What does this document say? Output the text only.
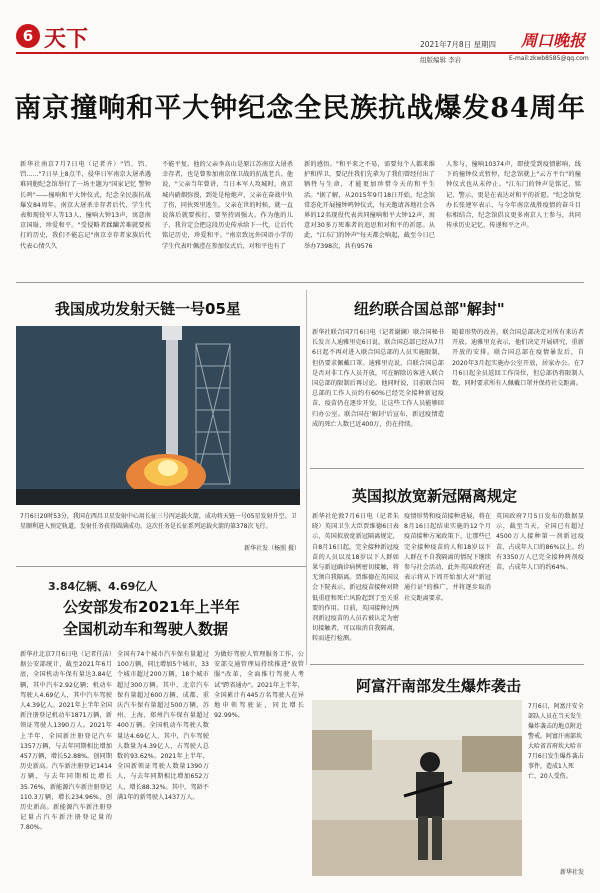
6 天下	2021年7月8日 星期四
组版编辑 李岩
周口晚报
E-mail:zkwb8585@qq.com
南京撞响和平大钟纪念全民族抗战爆发84周年
新华社南京7月7日电（记者齐）"铛、铛、铛……"7日早上8点半，侵华日军南京大屠杀遇难同胞纪念馆举行了一场主题为"国家记忆 警钟长鸣"——撞响和平大钟仪式，纪念全民族抗战爆发84周年。南京大屠杀幸存者后代、学生代表和现役军人等13人，撞响大钟13声，寓意南京国耻、珍爱和平。"受侵略者蹂躏苦难就要挨打的历史，我们不能忘记"南京幸存者家族后代代表心情久久
不能平复。他的父亲李高山是原江苏南京大屠杀幸存者，也是曾参加南京保卫战的抗战老兵。他说，"父亲当年曾讲，当日本军人攻城时，南京城内硝烟弥漫，到处是枪炮声，父亲在奋战中负了伤，同伙死里逃生。父亲在世的时候，就一直说落后就要挨打，要坚持固强大。作为他的儿子，我肯定会把这段历史传承给下一代，让后代铭记历史，珍爱和平。"南京致远外国语小学的学生代表叶佩滢在参加仪式后，对和平也有了
新的感悟。"和平来之不易，需要每个人都来维护和捍卫，要记住我们先辈为了我们曾经付出了牺牲与生命，才能更加珍惜今天的和平生活。"据了解，从2015年9月18日开始，纪念馆常态化开展撞钟鸣钟仪式，每天邀请各地社会各界的12名现役代表共同撞响和平大钟12声，寓意对30多万死难者的追思和对和平的祈愿。从此，"江东门的钟声"每天都会响起，截至今日已举办7398次，共有9576
人参与，撞响10374声，即使受到疫情影响，线下的撞钟仪式暂停，纪念馆就上"云方平台"的撞钟仪式也从未停止。"江东门的钟声是铭记、铭记、警示，更是在表达对和平的祈愿。"纪念馆党办长张建军表示，与今年南京战胜疫情的奋斗目标相结合，纪念馆倡议更多南京人士参与，共同传承历史记忆、传递和平之声。
我国成功发射天链一号05星
7月6日20时53分，我国在西昌卫星发射中心用长征三号丙运载火箭，成功将天链一号05星发射升空。卫星顺利进入预定轨道，发射任务获得圆满成功。这次任务是长征系列运载火箭的第378次飞行。
新华社发（杨照 摄）
纽约联合国总部"解封"
新华社联合国7月6日电（记者谢澜）联合国秘书长发言人迪雅里克6日说，联合国总部已经从7月6日起不再对进入联合国总部的人员实施限制，但仍要求佩戴口罩。迪雅里克说，自联合国总部是否对非工作人员开放，可在解除访客进入联合国总部的限制后再讨论。他同时说，目前联合国总部的工作人员约有60%已经完全接种新冠疫苗，疫苗仍在逐步开发，让这些工作人员能够回归办公室。联合国在'解封'后宣布，新冠疫情造成的死亡人数已近400万，仍在持续。
随着形势的改善，联合国总部决定对所有来访者开放。迪雅里克表示，他们决定开展研究，重新开放的安排。联合国总部在疫情暴发后，自2020年3月起实施办公室开放，居家办公。在7月6日起全员返回工作岗位，但总部仍将限制人数，同时要求所有人佩戴口罩并保持社交距离。
英国拟放宽新冠隔离规定
新华社伦敦7月6日电（记者朱晓）英国卫生大臣贾维德6日表示，英国拟放宽新冠隔离规定，自8月16日起，完全接种新冠疫苗的人员以及18岁以下人群如果与新冠确诊病例密切接触，将无须自我隔离。贾维德在英国议会下院表示，新冠疫苗接种对降低重症和死亡风险起到了至关重要的作用。目前，英国接种过两剂新冠疫苗的人员若被认定为密切接触者，可以取消自我隔离，转而进行检测。
疫情形势和疫苗接种进展，将在8月16日起结束实施的12个月疫苗接种方案政策下，让那些已完全接种疫苗的人和18岁以下人群在不自我隔离的情况下继续参与社会活动，此外英国政府还表示将从下周开始加大对"新冠通行证"的推广，并将逐步取消社交距离要求。
英国政府7月5日发布的数据显示，截至当天，全国已有超过4500万人接种第一剂新冠疫苗，占成年人口的86%以上。约有3350万人已完全接种两剂疫苗，占成年人口的约64%。
3.84亿辆、4.69亿人
公安部发布2021年上半年
全国机动车和驾驶人数据
新华社北京7月6日电（记者任洁）据公安部统计，截至2021年6月底，全国机动车保有量达3.84亿辆，其中汽车2.92亿辆；机动车驾驶人4.69亿人，其中汽车驾驶人4.39亿人。2021年上半年全国新注册登记机动车1871万辆，新领证驾驶人1390万人。2021年上半年，全国新注册登记汽车1357万辆，与去年同期相比增加457万辆，增长52.88%，创同期历史新高。汽车新注册登记1414万辆，与去年同期相比增长35.76%，新能源汽车新注册登记110.3万辆，增长234.96%，创历史新高。新能源汽车新注册登记量占汽车新注册登记量的7.80%。
全国有74个城市汽车保有量超过100万辆，同比增加5个城市，33个城市超过200万辆，18个城市超过300万辆。其中，北京汽车保有量超过600万辆，成都、重庆汽车保有量超过500万辆，苏州、上海、郑州汽车保有量超过400万辆。全国机动车驾驶人数量达4.69亿人，其中，汽车驾驶人数量为4.39亿人，占驾驶人总数的93.62%。2021年上半年，全国新领证驾驶人数量1390万人，与去年同期相比增加652万人，增长88.32%。其中，驾龄不满1年的新驾驶人1437万人。
为做好驾驶人管理服务工作，公安部交通管理局持续推进"放管服"改革，全面推行驾驶人考试"跨省通办"。2021年上半年，全国累计有445万名驾驶人在异地申领驾驶证，同比增长92.99%。
阿富汗南部发生爆炸袭击
7月6日，阿富汗安全部队人员在当天发生爆炸袭击的地点附近警戒。阿富汗南部坎大哈省首府坎大哈市7月6日发生爆炸袭击事件，造成1人死亡、20人受伤。
新华社发
